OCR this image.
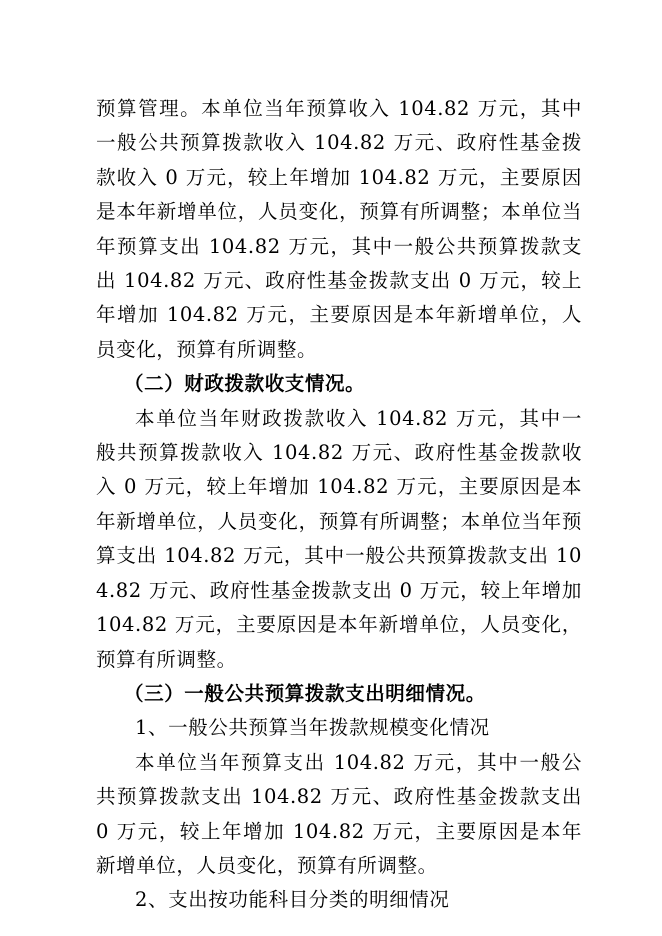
预算管理。本单位当年预算收入 104.82 万元，其中一般公共预算拨款收入 104.82 万元、政府性基金拨款收入 0 万元，较上年增加 104.82 万元，主要原因是本年新增单位，人员变化，预算有所调整；本单位当年预算支出 104.82 万元，其中一般公共预算拨款支出 104.82 万元、政府性基金拨款支出 0 万元，较上年增加 104.82 万元，主要原因是本年新增单位，人员变化，预算有所调整。

（二）财政拨款收支情况。

本单位当年财政拨款收入 104.82 万元，其中一般共预算拨款收入 104.82 万元、政府性基金拨款收入 0 万元，较上年增加 104.82 万元，主要原因是本年新增单位，人员变化，预算有所调整；本单位当年预算支出 104.82 万元，其中一般公共预算拨款支出 104.82 万元、政府性基金拨款支出 0 万元，较上年增加 104.82 万元，主要原因是本年新增单位，人员变化，预算有所调整。

（三）一般公共预算拨款支出明细情况。

1、一般公共预算当年拨款规模变化情况

本单位当年预算支出 104.82 万元，其中一般公共预算拨款支出 104.82 万元、政府性基金拨款支出 0 万元，较上年增加 104.82 万元，主要原因是本年新增单位，人员变化，预算有所调整。

2、支出按功能科目分类的明细情况
